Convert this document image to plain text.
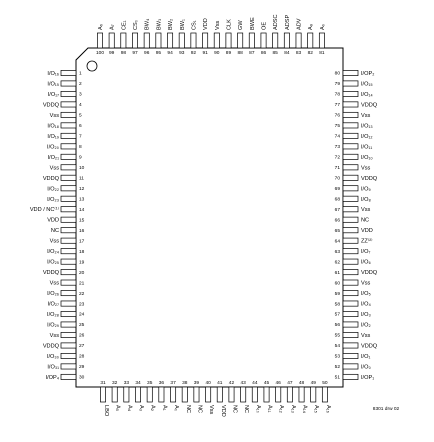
1
I/O₁₆
2
I/O₁₅
3
I/O₁₇
4
VDDQ
5
Vss
6
I/O₁₈
7
I/O₁₉
8
I/O₂₀
9
I/O₂₁
10
Vss
11
VDDQ
12
I/O₂₂
13
I/O₂₃
14
VDD / NC⁽¹⁾
15
VDD
16
NC
17
Vss
18
I/O₂₄
19
I/O₂₅
20
VDDQ
21
Vss
22
I/O₂₆
23
I/O₂₇
24
I/O₂₈
25
I/O₂₉
26
Vss
27
VDDQ
28
I/O₃₀
29
I/O₃₁
30
I/OP₄
80	I/OP₂
79	I/O₁₅
78	I/O₁₄
77	VDDQ
76	Vss
75	I/O₁₃
74	I/O₁₂
73	I/O₁₁
72	I/O₁₀
71	Vss
70	VDDQ
69	I/O₉
68	I/O₈
67	Vss
66	NC
65	VDD
64	ZZ⁽²⁾
63	I/O₇
62	I/O₆
61	VDDQ
60	Vss
59	I/O₅
58	I/O₄
57	I/O₃
56	I/O₂
55	Vss
54	VDDQ
53	I/O₁
52	I/O₀
51	I/OP₁
100
A₆
99
A₇
98
CE₁
97
CS₀
96
BW₄
95
BW₃
94
BW₂
93
BW₁
92
CS₁
91
VDD
90
Vss
89
CLK
88
GW
87
BWE
86
OE
85
ADSC
84
ADSP
83
ADV
82
A₈
81
A₉
31
LBO
32
A₅
33
A₄
34
A₃
35
A₂
36
A₁
37
A₀
38
NC
39
NC
40
Vss
41
VDD
42
NC
43
NC
44
A₁₀
45
A₁₁
46
A₁₂
47
A₁₃
48
A₁₄
49
A₁₅
50
A₁₆	8301 drw 02
